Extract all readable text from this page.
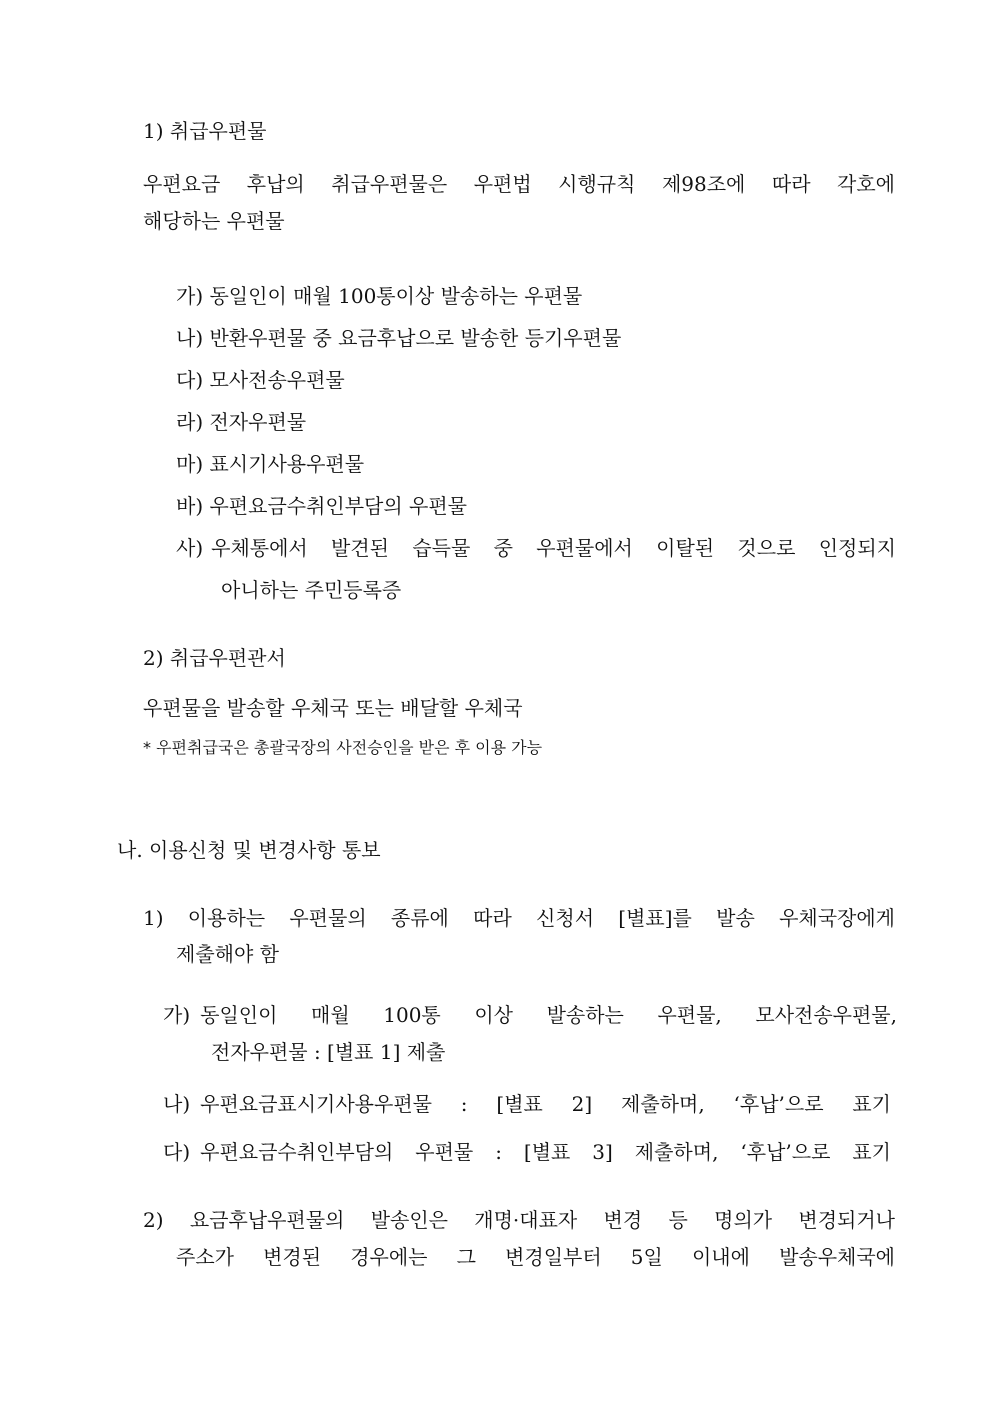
1) 취급우편물
우편요금 후납의 취급우편물은 우편법 시행규칙 제98조에 따라 각호에
해당하는 우편물
가) 동일인이 매월 100통이상 발송하는 우편물
나) 반환우편물 중 요금후납으로 발송한 등기우편물
다) 모사전송우편물
라) 전자우편물
마) 표시기사용우편물
바) 우편요금수취인부담의 우편물
사) 우체통에서 발견된 습득물 중 우편물에서 이탈된 것으로 인정되지
아니하는 주민등록증
2) 취급우편관서
우편물을 발송할 우체국 또는 배달할 우체국
* 우편취급국은 총괄국장의 사전승인을 받은 후 이용 가능
나. 이용신청 및 변경사항 통보
1) 이용하는 우편물의 종류에 따라 신청서 [별표]를 발송 우체국장에게
제출해야 함
가) 동일인이 매월 100통 이상 발송하는 우편물, 모사전송우편물,
전자우편물 : [별표 1] 제출
나) 우편요금표시기사용우편물 : [별표 2] 제출하며, ‘후납’으로 표기
다) 우편요금수취인부담의 우편물 : [별표 3] 제출하며, ‘후납’으로 표기
2) 요금후납우편물의 발송인은 개명·대표자 변경 등 명의가 변경되거나
주소가 변경된 경우에는 그 변경일부터 5일 이내에 발송우체국에
